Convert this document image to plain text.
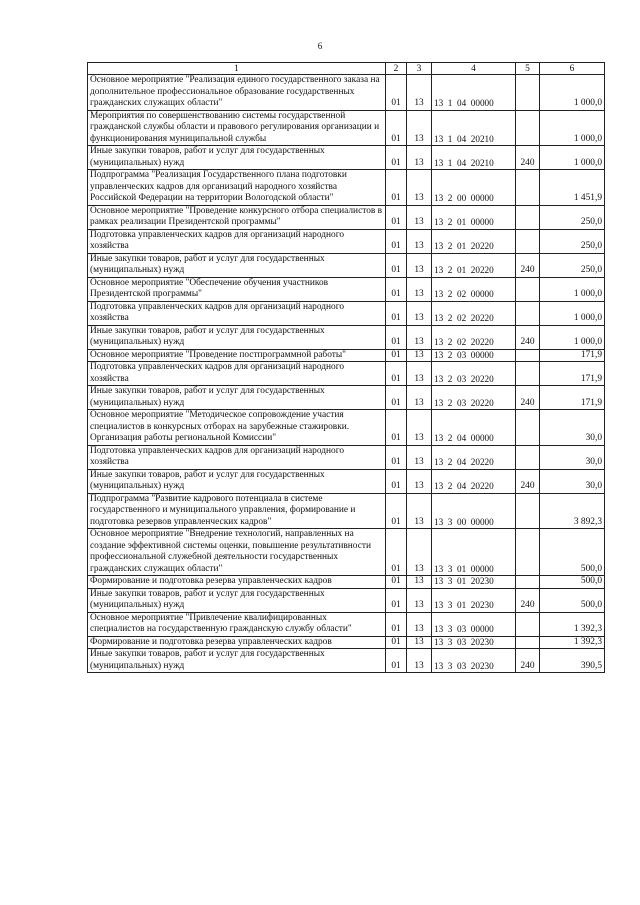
6
1	2	3	4	5	6
Основное мероприятие "Реализация единого государственного заказа на дополнительное профессиональное образование государственных гражданских служащих области"	01	13	13  1  04  00000		1 000,0
Мероприятия по совершенствованию системы государственной гражданской службы области и правового регулирования организации и функционирования муниципальной службы	01	13	13  1  04  20210		1 000,0
Иные закупки товаров, работ и услуг для государственных (муниципальных) нужд	01	13	13  1  04  20210	240	1 000,0
Подпрограмма "Реализация Государственного плана подготовки управленческих кадров для организаций народного хозяйства Российской Федерации на территории Вологодской области"	01	13	13  2  00  00000		1 451,9
Основное мероприятие "Проведение конкурсного отбора специалистов в рамках реализации Президентской программы"	01	13	13  2  01  00000		250,0
Подготовка управленческих кадров для организаций народного хозяйства	01	13	13  2  01  20220		250,0
Иные закупки товаров, работ и услуг для государственных (муниципальных) нужд	01	13	13  2  01  20220	240	250,0
Основное мероприятие "Обеспечение обучения участников Президентской программы"	01	13	13  2  02  00000		1 000,0
Подготовка управленческих кадров для организаций народного хозяйства	01	13	13  2  02  20220		1 000,0
Иные закупки товаров, работ и услуг для государственных (муниципальных) нужд	01	13	13  2  02  20220	240	1 000,0
Основное мероприятие "Проведение постпрограммной работы"	01	13	13  2  03  00000		171,9
Подготовка управленческих кадров для организаций народного хозяйства	01	13	13  2  03  20220		171,9
Иные закупки товаров, работ и услуг для государственных (муниципальных) нужд	01	13	13  2  03  20220	240	171,9
Основное мероприятие "Методическое сопровождение участия специалистов в конкурсных отборах на зарубежные стажировки. Организация работы региональной Комиссии"	01	13	13  2  04  00000		30,0
Подготовка управленческих кадров для организаций народного хозяйства	01	13	13  2  04  20220		30,0
Иные закупки товаров, работ и услуг для государственных (муниципальных) нужд	01	13	13  2  04  20220	240	30,0
Подпрограмма "Развитие кадрового потенциала в системе государственного и муниципального управления, формирование и подготовка резервов управленческих кадров"	01	13	13  3  00  00000		3 892,3
Основное мероприятие "Внедрение технологий, направленных на создание эффективной системы оценки, повышение результативности профессиональной служебной деятельности государственных гражданских служащих области"	01	13	13  3  01  00000		500,0
Формирование и подготовка резерва управленческих кадров	01	13	13  3  01  20230		500,0
Иные закупки товаров, работ и услуг для государственных (муниципальных) нужд	01	13	13  3  01  20230	240	500,0
Основное мероприятие "Привлечение квалифицированных специалистов на государственную гражданскую службу области"	01	13	13  3  03  00000		1 392,3
Формирование и подготовка резерва управленческих кадров	01	13	13  3  03  20230		1 392,3
Иные закупки товаров, работ и услуг для государственных (муниципальных) нужд	01	13	13  3  03  20230	240	390,5
